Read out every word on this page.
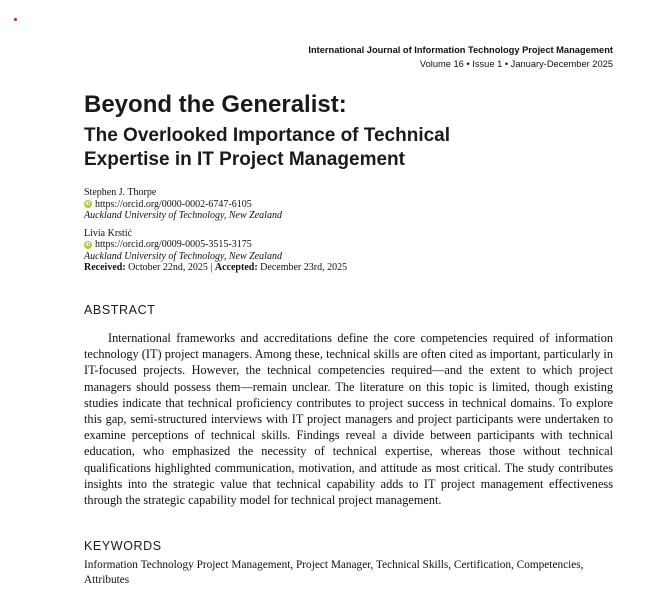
International Journal of Information Technology Project Management
Volume 16 • Issue 1 • January-December 2025
Beyond the Generalist:
The Overlooked Importance of Technical Expertise in IT Project Management
Stephen J. Thorpe
iD https://orcid.org/0000-0002-6747-6105
Auckland University of Technology, New Zealand
Livia Krstić
iD https://orcid.org/0009-0005-3515-3175
Auckland University of Technology, New Zealand
Received: October 22nd, 2025 | Accepted: December 23rd, 2025
ABSTRACT

International frameworks and accreditations define the core competencies required of information technology (IT) project managers. Among these, technical skills are often cited as important, particularly in IT-focused projects. However, the technical competencies required—and the extent to which project managers should possess them—remain unclear. The literature on this topic is limited, though existing studies indicate that technical proficiency contributes to project success in technical domains. To explore this gap, semi-structured interviews with IT project managers and project participants were undertaken to examine perceptions of technical skills. Findings reveal a divide between participants with technical education, who emphasized the necessity of technical expertise, whereas those without technical qualifications highlighted communication, motivation, and attitude as most critical. The study contributes insights into the strategic value that technical capability adds to IT project management effectiveness through the strategic capability model for technical project management.

KEYWORDS

Information Technology Project Management, Project Manager, Technical Skills, Certification, Competencies, Attributes
